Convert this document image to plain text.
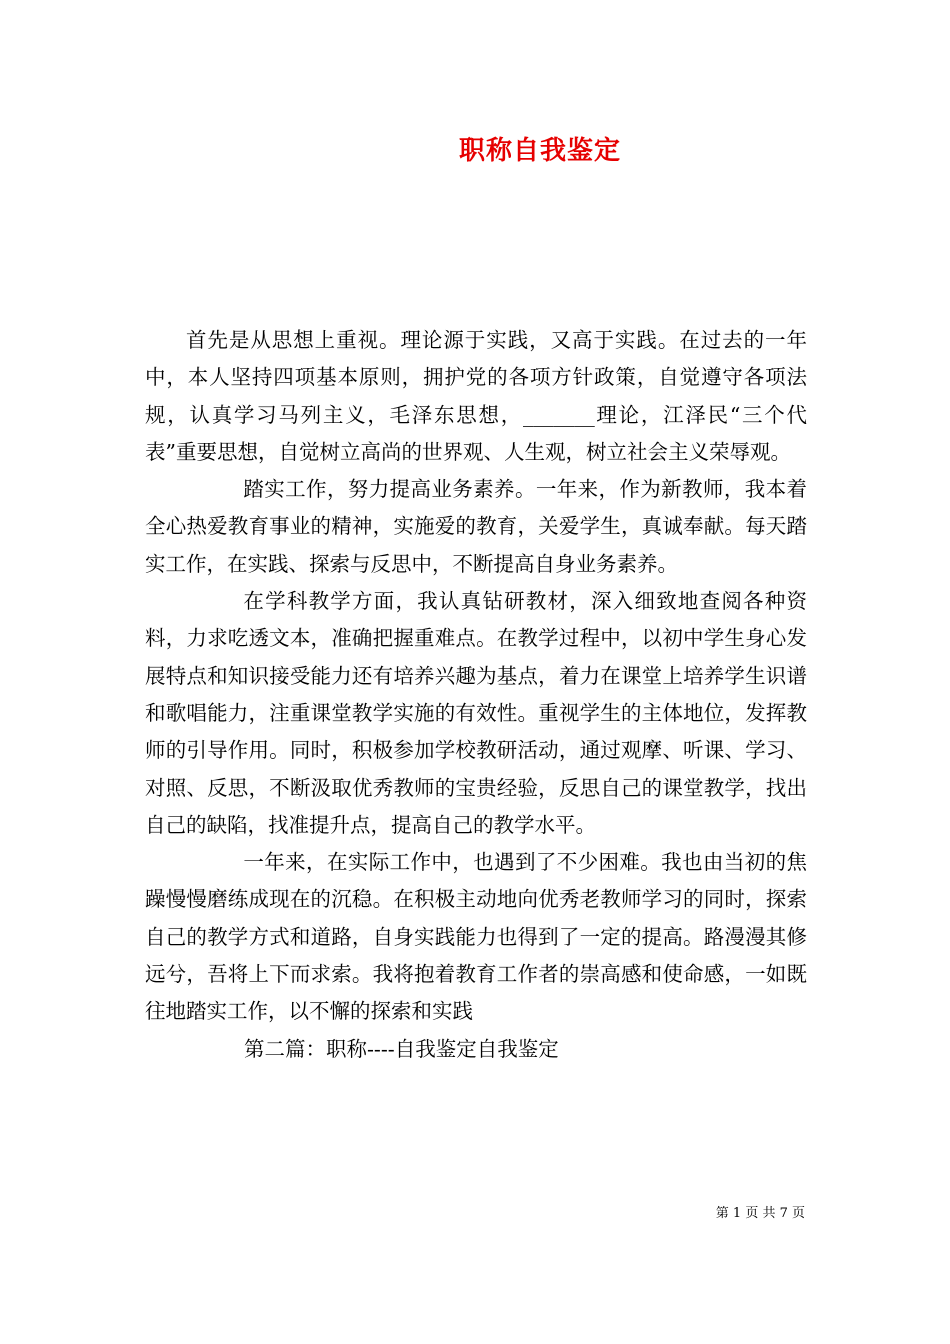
职称自我鉴定

首先是从思想上重视。理论源于实践，又高于实践。在过去的一年中，本人坚持四项基本原则，拥护党的各项方针政策，自觉遵守各项法规，认真学习马列主义，毛泽东思想，_______理论，江泽民“三个代表”重要思想，自觉树立高尚的世界观、人生观，树立社会主义荣辱观。

踏实工作，努力提高业务素养。一年来，作为新教师，我本着全心热爱教育事业的精神，实施爱的教育，关爱学生，真诚奉献。每天踏实工作，在实践、探索与反思中，不断提高自身业务素养。

在学科教学方面，我认真钻研教材，深入细致地查阅各种资料，力求吃透文本，准确把握重难点。在教学过程中，以初中学生身心发展特点和知识接受能力还有培养兴趣为基点，着力在课堂上培养学生识谱和歌唱能力，注重课堂教学实施的有效性。重视学生的主体地位，发挥教师的引导作用。同时，积极参加学校教研活动，通过观摩、听课、学习、对照、反思，不断汲取优秀教师的宝贵经验，反思自己的课堂教学，找出自己的缺陷，找准提升点，提高自己的教学水平。

一年来，在实际工作中，也遇到了不少困难。我也由当初的焦躁慢慢磨练成现在的沉稳。在积极主动地向优秀老教师学习的同时，探索自己的教学方式和道路，自身实践能力也得到了一定的提高。路漫漫其修远兮，吾将上下而求索。我将抱着教育工作者的崇高感和使命感，一如既往地踏实工作，以不懈的探索和实践

第二篇：职称----自我鉴定自我鉴定

第 1 页 共 7 页
